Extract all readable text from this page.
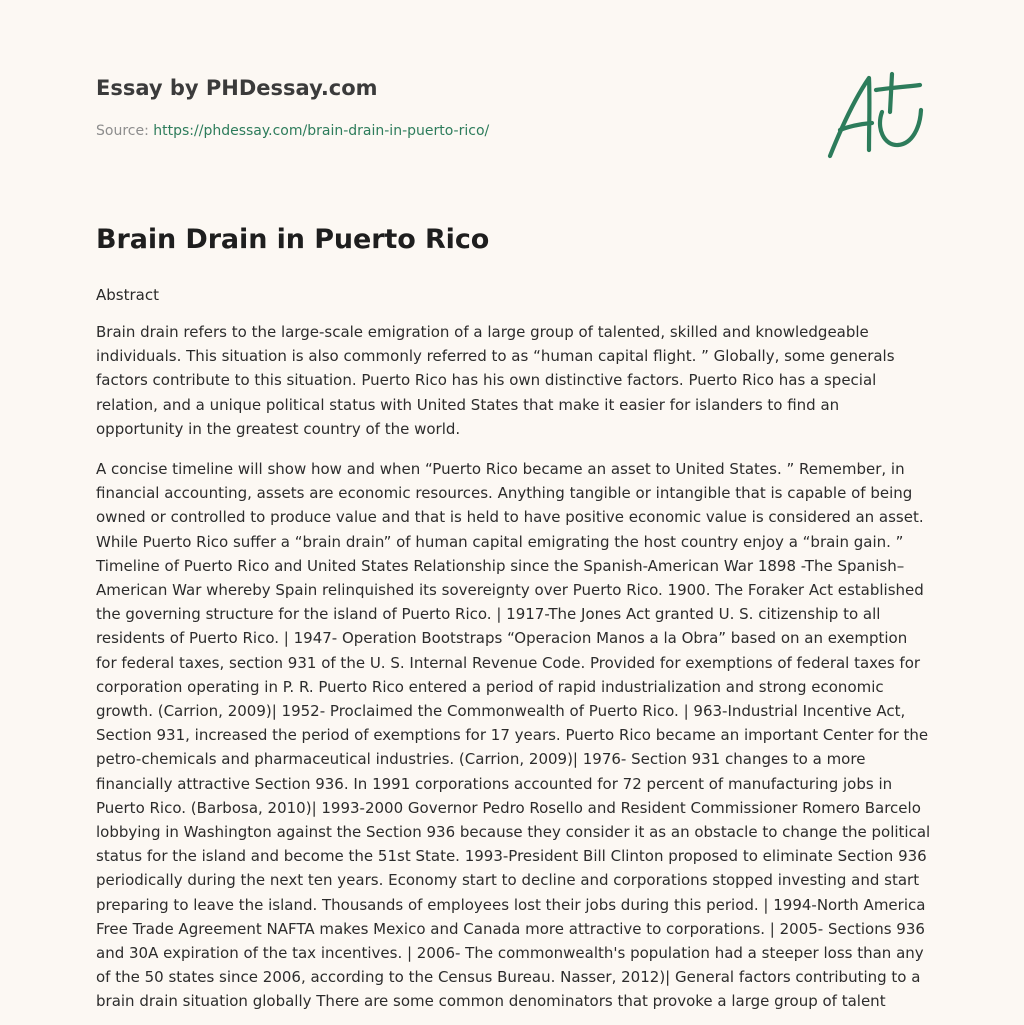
Essay by PHDessay.com
Source: https://phdessay.com/brain-drain-in-puerto-rico/
Brain Drain in Puerto Rico
Abstract

Brain drain refers to the large-scale emigration of a large group of talented, skilled and knowledgeable individuals. This situation is also commonly referred to as “human capital flight. ” Globally, some generals factors contribute to this situation. Puerto Rico has his own distinctive factors. Puerto Rico has a special relation, and a unique political status with United States that make it easier for islanders to find an opportunity in the greatest country of the world.

A concise timeline will show how and when “Puerto Rico became an asset to United States. ” Remember, in financial accounting, assets are economic resources. Anything tangible or intangible that is capable of being owned or controlled to produce value and that is held to have positive economic value is considered an asset. While Puerto Rico suffer a “brain drain” of human capital emigrating the host country enjoy a “brain gain. ” Timeline of Puerto Rico and United States Relationship since the Spanish-American War 1898 -The Spanish–American War whereby Spain relinquished its sovereignty over Puerto Rico. 1900. The Foraker Act established the governing structure for the island of Puerto Rico. | 1917-The Jones Act granted U. S. citizenship to all residents of Puerto Rico. | 1947- Operation Bootstraps “Operacion Manos a la Obra” based on an exemption for federal taxes, section 931 of the U. S. Internal Revenue Code. Provided for exemptions of federal taxes for corporation operating in P. R. Puerto Rico entered a period of rapid industrialization and strong economic growth. (Carrion, 2009)| 1952- Proclaimed the Commonwealth of Puerto Rico. | 963-Industrial Incentive Act, Section 931, increased the period of exemptions for 17 years. Puerto Rico became an important Center for the petro-chemicals and pharmaceutical industries. (Carrion, 2009)| 1976- Section 931 changes to a more financially attractive Section 936. In 1991 corporations accounted for 72 percent of manufacturing jobs in Puerto Rico. (Barbosa, 2010)| 1993-2000 Governor Pedro Rosello and Resident Commissioner Romero Barcelo lobbying in Washington against the Section 936 because they consider it as an obstacle to change the political status for the island and become the 51st State. 1993-President Bill Clinton proposed to eliminate Section 936 periodically during the next ten years. Economy start to decline and corporations stopped investing and start preparing to leave the island. Thousands of employees lost their jobs during this period. | 1994-North America Free Trade Agreement NAFTA makes Mexico and Canada more attractive to corporations. | 2005- Sections 936 and 30A expiration of the tax incentives. | 2006- The commonwealth's population had a steeper loss than any of the 50 states since 2006, according to the Census Bureau. Nasser, 2012)| General factors contributing to a brain drain situation globally There are some common denominators that provoke a large group of talent
